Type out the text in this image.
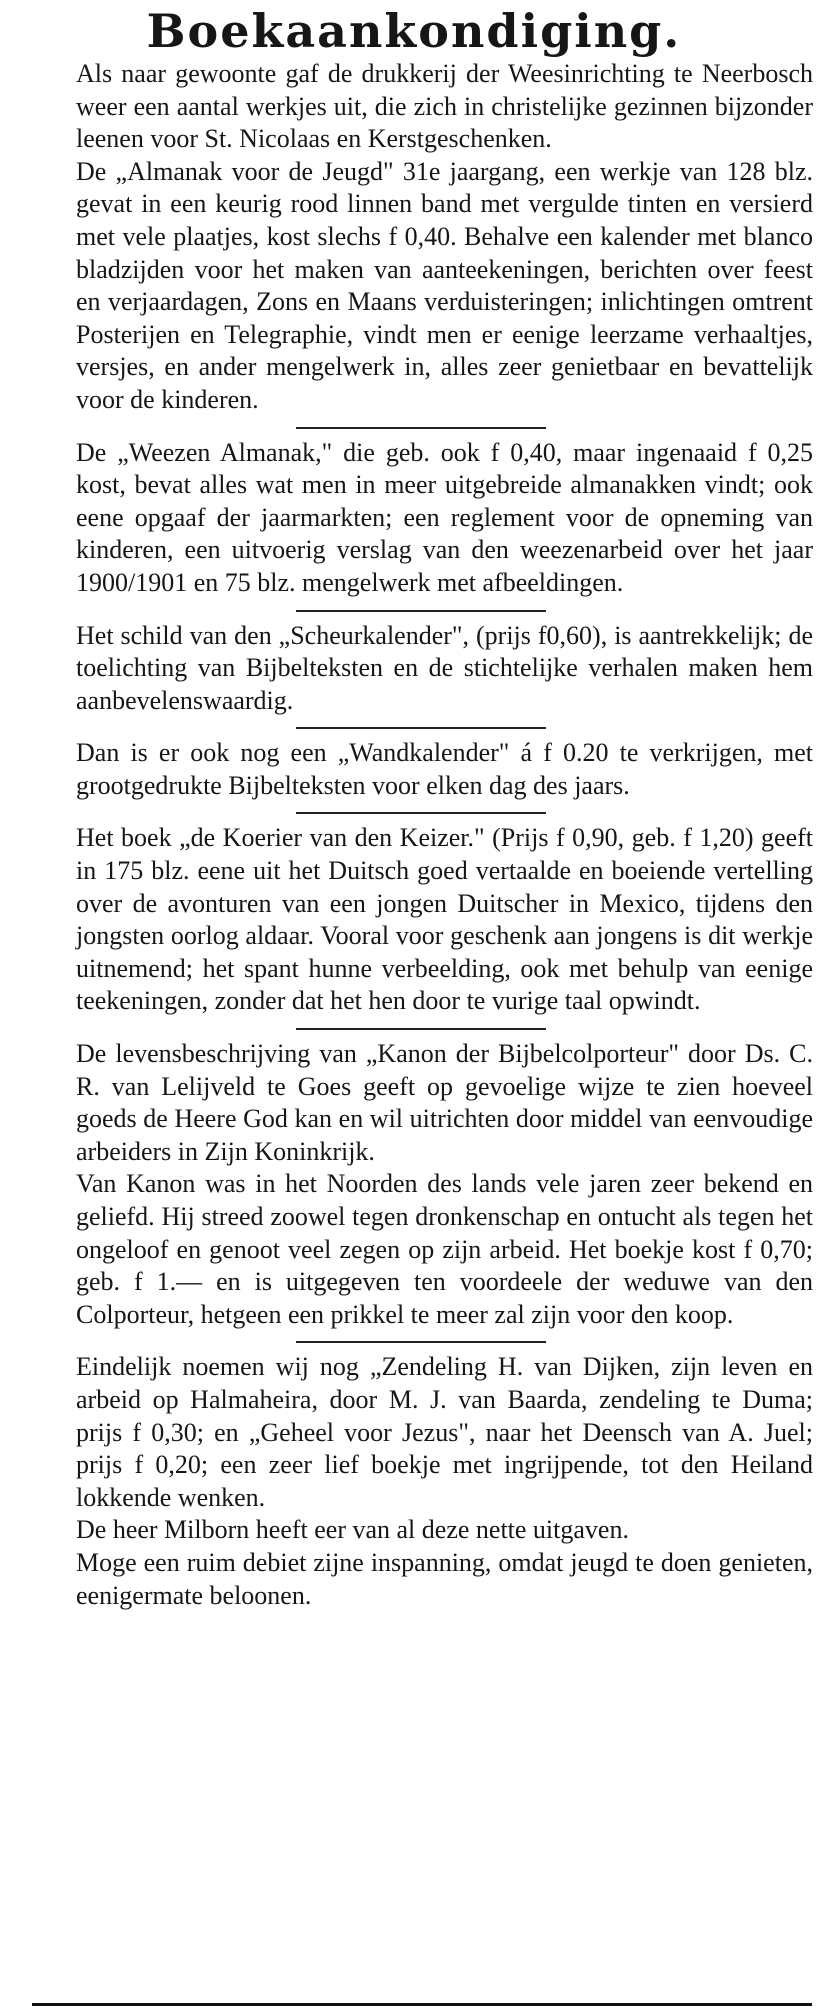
Boekaankondiging.

Als naar gewoonte gaf de drukkerij der Weesinrichting te Neerbosch weer een aantal werkjes uit, die zich in christelijke gezinnen bijzonder leenen voor St. Nicolaas en Kerstgeschenken.

De „Almanak voor de Jeugd" 31e jaargang, een werkje van 128 blz. gevat in een keurig rood linnen band met vergulde tinten en versierd met vele plaatjes, kost slechs f 0,40. Behalve een kalender met blanco bladzijden voor het maken van aanteekeningen, berichten over feest en verjaardagen, Zons en Maans verduisteringen; inlichtingen omtrent Posterijen en Telegraphie, vindt men er eenige leerzame verhaaltjes, versjes, en ander mengelwerk in, alles zeer genietbaar en bevattelijk voor de kinderen.

De „Weezen Almanak," die geb. ook f 0,40, maar ingenaaid f 0,25 kost, bevat alles wat men in meer uitgebreide almanakken vindt; ook eene opgaaf der jaarmarkten; een reglement voor de opneming van kinderen, een uitvoerig verslag van den weezenarbeid over het jaar 1900/1901 en 75 blz. mengelwerk met afbeeldingen.

Het schild van den „Scheurkalender", (prijs f0,60), is aantrekkelijk; de toelichting van Bijbelteksten en de stichtelijke verhalen maken hem aanbevelenswaardig.

Dan is er ook nog een „Wandkalender" á f 0.20 te verkrijgen, met grootgedrukte Bijbelteksten voor elken dag des jaars.

Het boek „de Koerier van den Keizer." (Prijs f 0,90, geb. f 1,20) geeft in 175 blz. eene uit het Duitsch goed vertaalde en boeiende vertelling over de avonturen van een jongen Duitscher in Mexico, tijdens den jongsten oorlog aldaar. Vooral voor geschenk aan jongens is dit werkje uitnemend; het spant hunne verbeelding, ook met behulp van eenige teekeningen, zonder dat het hen door te vurige taal opwindt.

De levensbeschrijving van „Kanon der Bijbelcolporteur" door Ds. C. R. van Lelijveld te Goes geeft op gevoelige wijze te zien hoeveel goeds de Heere God kan en wil uitrichten door middel van eenvoudige arbeiders in Zijn Koninkrijk.

Van Kanon was in het Noorden des lands vele jaren zeer bekend en geliefd. Hij streed zoowel tegen dronkenschap en ontucht als tegen het ongeloof en genoot veel zegen op zijn arbeid. Het boekje kost f 0,70; geb. f 1.— en is uitgegeven ten voordeele der weduwe van den Colporteur, hetgeen een prikkel te meer zal zijn voor den koop.

Eindelijk noemen wij nog „Zendeling H. van Dijken, zijn leven en arbeid op Halmaheira, door M. J. van Baarda, zendeling te Duma; prijs f 0,30; en „Geheel voor Jezus", naar het Deensch van A. Juel; prijs f 0,20; een zeer lief boekje met ingrijpende, tot den Heiland lokkende wenken.

De heer Milborn heeft eer van al deze nette uitgaven.

Moge een ruim debiet zijne inspanning, omdat jeugd te doen genieten, eenigermate beloonen.
